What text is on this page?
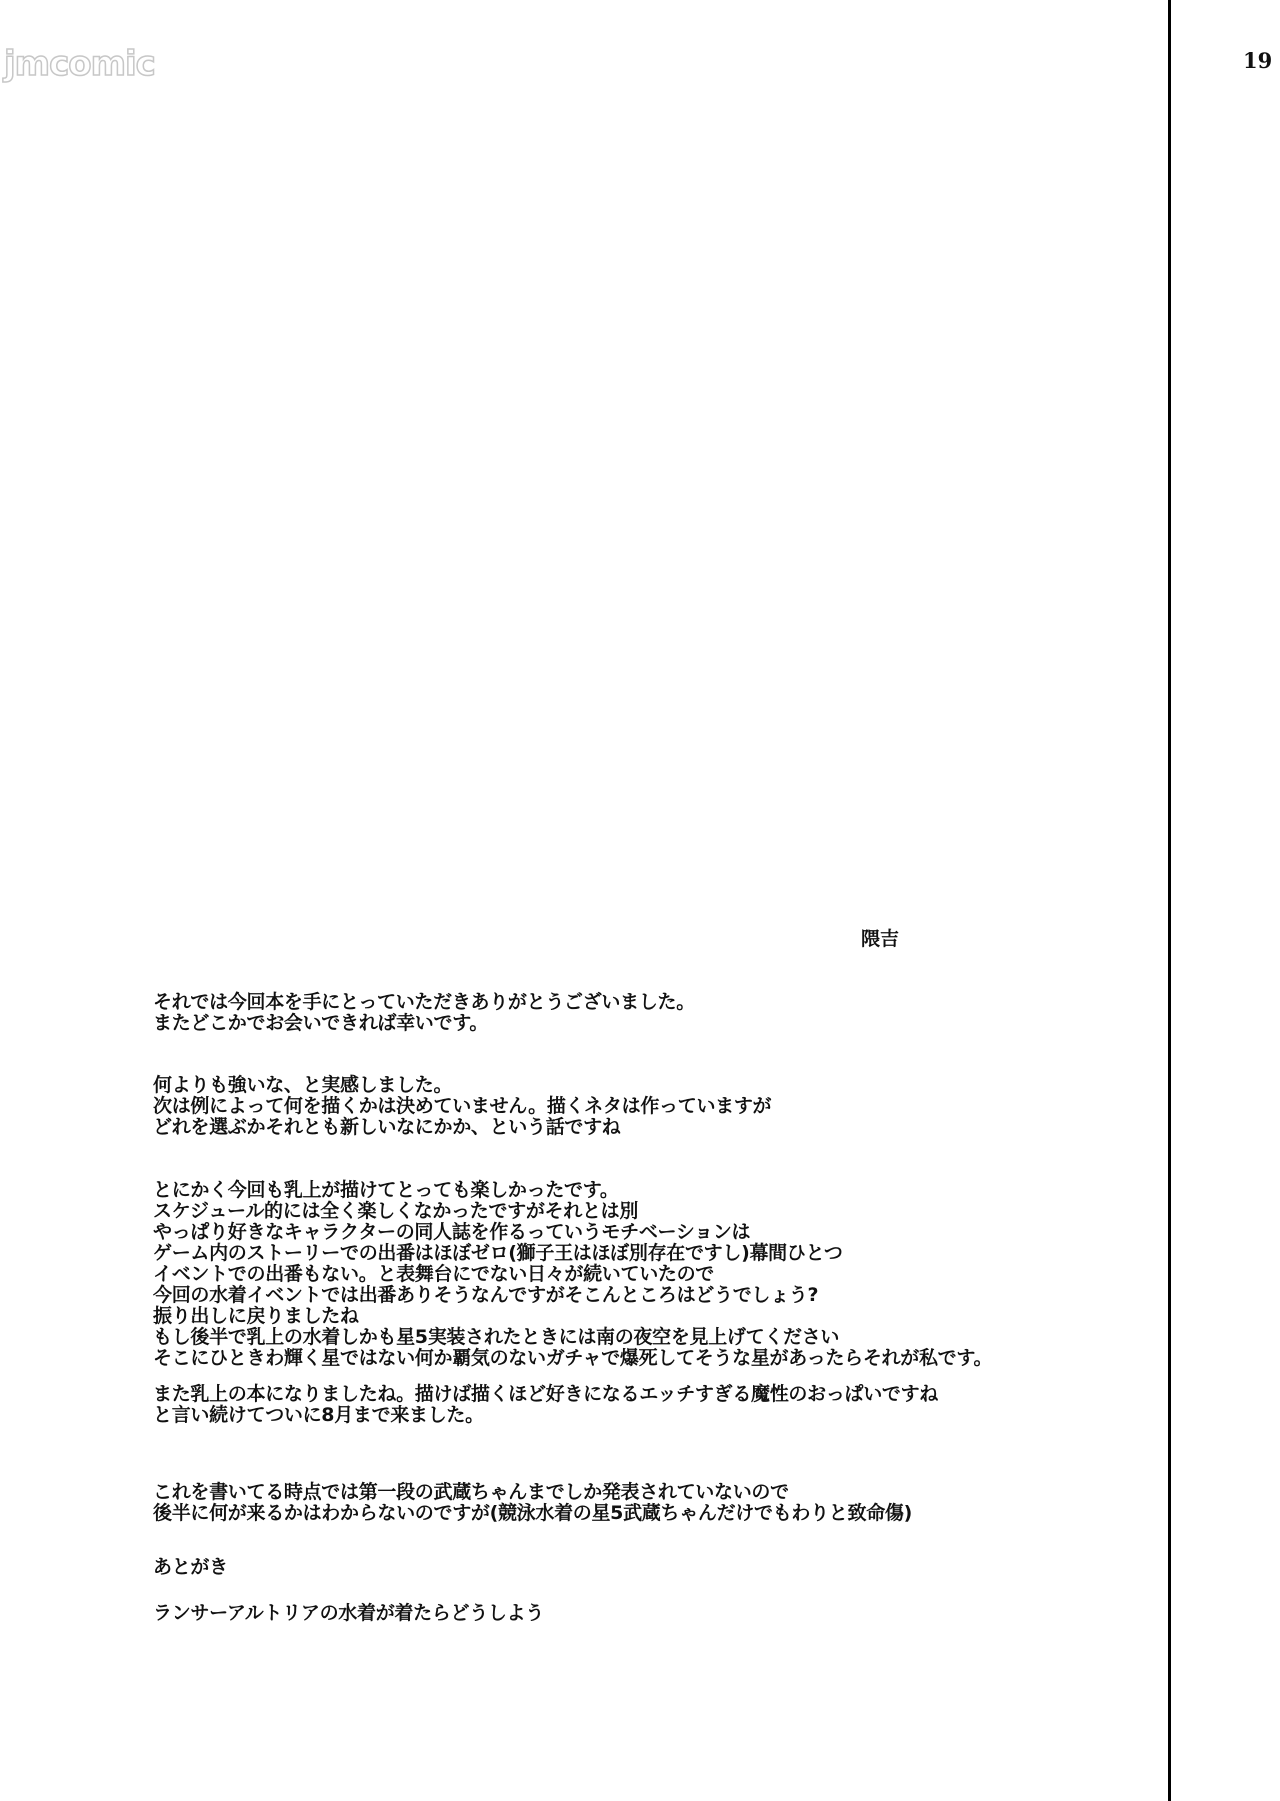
jmcomic	19
隈吉
それでは今回本を手にとっていただきありがとうございました。
またどこかでお会いできれば幸いです。
何よりも強いな、と実感しました。
次は例によって何を描くかは決めていません。描くネタは作っていますが
どれを選ぶかそれとも新しいなにかか、という話ですね
とにかく今回も乳上が描けてとっても楽しかったです。
スケジュール的には全く楽しくなかったですがそれとは別
やっぱり好きなキャラクターの同人誌を作るっていうモチベーションは
ゲーム内のストーリーでの出番はほぼゼロ(獅子王はほぼ別存在ですし)幕間ひとつ
イベントでの出番もない。と表舞台にでない日々が続いていたので
今回の水着イベントでは出番ありそうなんですがそこんところはどうでしょう?
振り出しに戻りましたね
もし後半で乳上の水着しかも星5実装されたときには南の夜空を見上げてください
そこにひときわ輝く星ではない何か覇気のないガチャで爆死してそうな星があったらそれが私です。
また乳上の本になりましたね。描けば描くほど好きになるエッチすぎる魔性のおっぱいですね
と言い続けてついに8月まで来ました。
これを書いてる時点では第一段の武蔵ちゃんまでしか発表されていないので
後半に何が来るかはわからないのですが(競泳水着の星5武蔵ちゃんだけでもわりと致命傷)
あとがき
ランサーアルトリアの水着が着たらどうしよう
